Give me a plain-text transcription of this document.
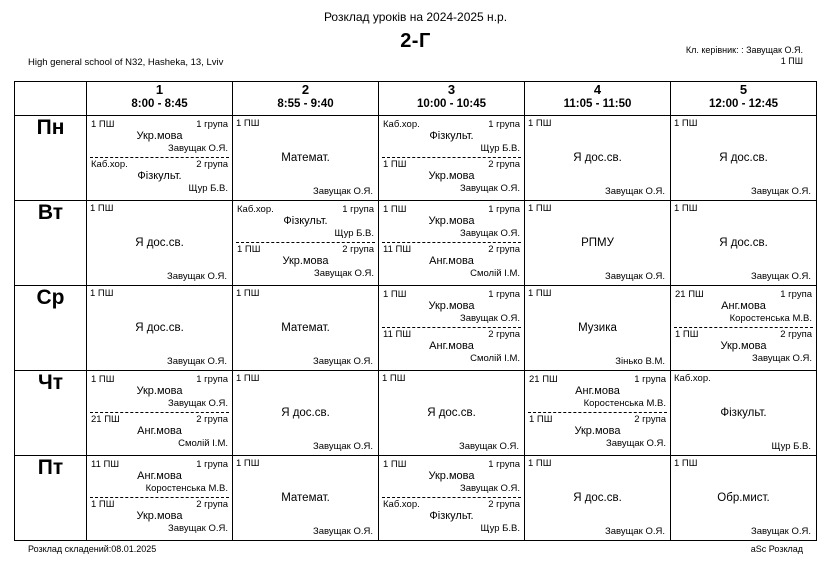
Розклад уроків на 2024-2025 н.р.
2-Г
High general school of N32, Hasheka, 13, Lviv
Кл. керівник: : Завущак О.Я.
1 ПШ

1
8:00 - 8:45

2
8:55 - 9:40

3
10:00 - 10:45

4
11:05 - 11:50

5
12:00 - 12:45

Пн	1 ПШ	1 група
Укр.мова
Завущак О.Я.
Каб.хор.	2 група
Фізкульт.
Щур Б.В.

1 ПШ
Математ.
Завущак О.Я.

Каб.хор.	1 група
Фізкульт.
Щур Б.В.
1 ПШ	2 група
Укр.мова
Завущак О.Я.

1 ПШ
Я дос.св.
Завущак О.Я.

1 ПШ
Я дос.св.
Завущак О.Я.

Вт	1 ПШ
Я дос.св.
Завущак О.Я.

Каб.хор.	1 група
Фізкульт.
Щур Б.В.
1 ПШ	2 група
Укр.мова
Завущак О.Я.

1 ПШ	1 група
Укр.мова
Завущак О.Я.
11 ПШ	2 група
Анг.мова
Смолій І.М.

1 ПШ
РПМУ
Завущак О.Я.

1 ПШ
Я дос.св.
Завущак О.Я.

Ср	1 ПШ
Я дос.св.
Завущак О.Я.

1 ПШ
Математ.
Завущак О.Я.

1 ПШ	1 група
Укр.мова
Завущак О.Я.
11 ПШ	2 група
Анг.мова
Смолій І.М.

1 ПШ
Музика
Зінько В.М.

21 ПШ	1 група
Анг.мова
Коростенська М.В.
1 ПШ	2 група
Укр.мова
Завущак О.Я.

Чт	1 ПШ	1 група
Укр.мова
Завущак О.Я.
21 ПШ	2 група
Анг.мова
Смолій І.М.

1 ПШ
Я дос.св.
Завущак О.Я.

1 ПШ
Я дос.св.
Завущак О.Я.

21 ПШ	1 група
Анг.мова
Коростенська М.В.
1 ПШ	2 група
Укр.мова
Завущак О.Я.

Каб.хор.
Фізкульт.
Щур Б.В.

Пт	11 ПШ	1 група
Анг.мова
Коростенська М.В.
1 ПШ	2 група
Укр.мова
Завущак О.Я.

1 ПШ
Математ.
Завущак О.Я.

1 ПШ	1 група
Укр.мова
Завущак О.Я.
Каб.хор.	2 група
Фізкульт.
Щур Б.В.

1 ПШ
Я дос.св.
Завущак О.Я.

1 ПШ
Обр.мист.
Завущак О.Я.
Розклад складений:08.01.2025	aSc Розклад
